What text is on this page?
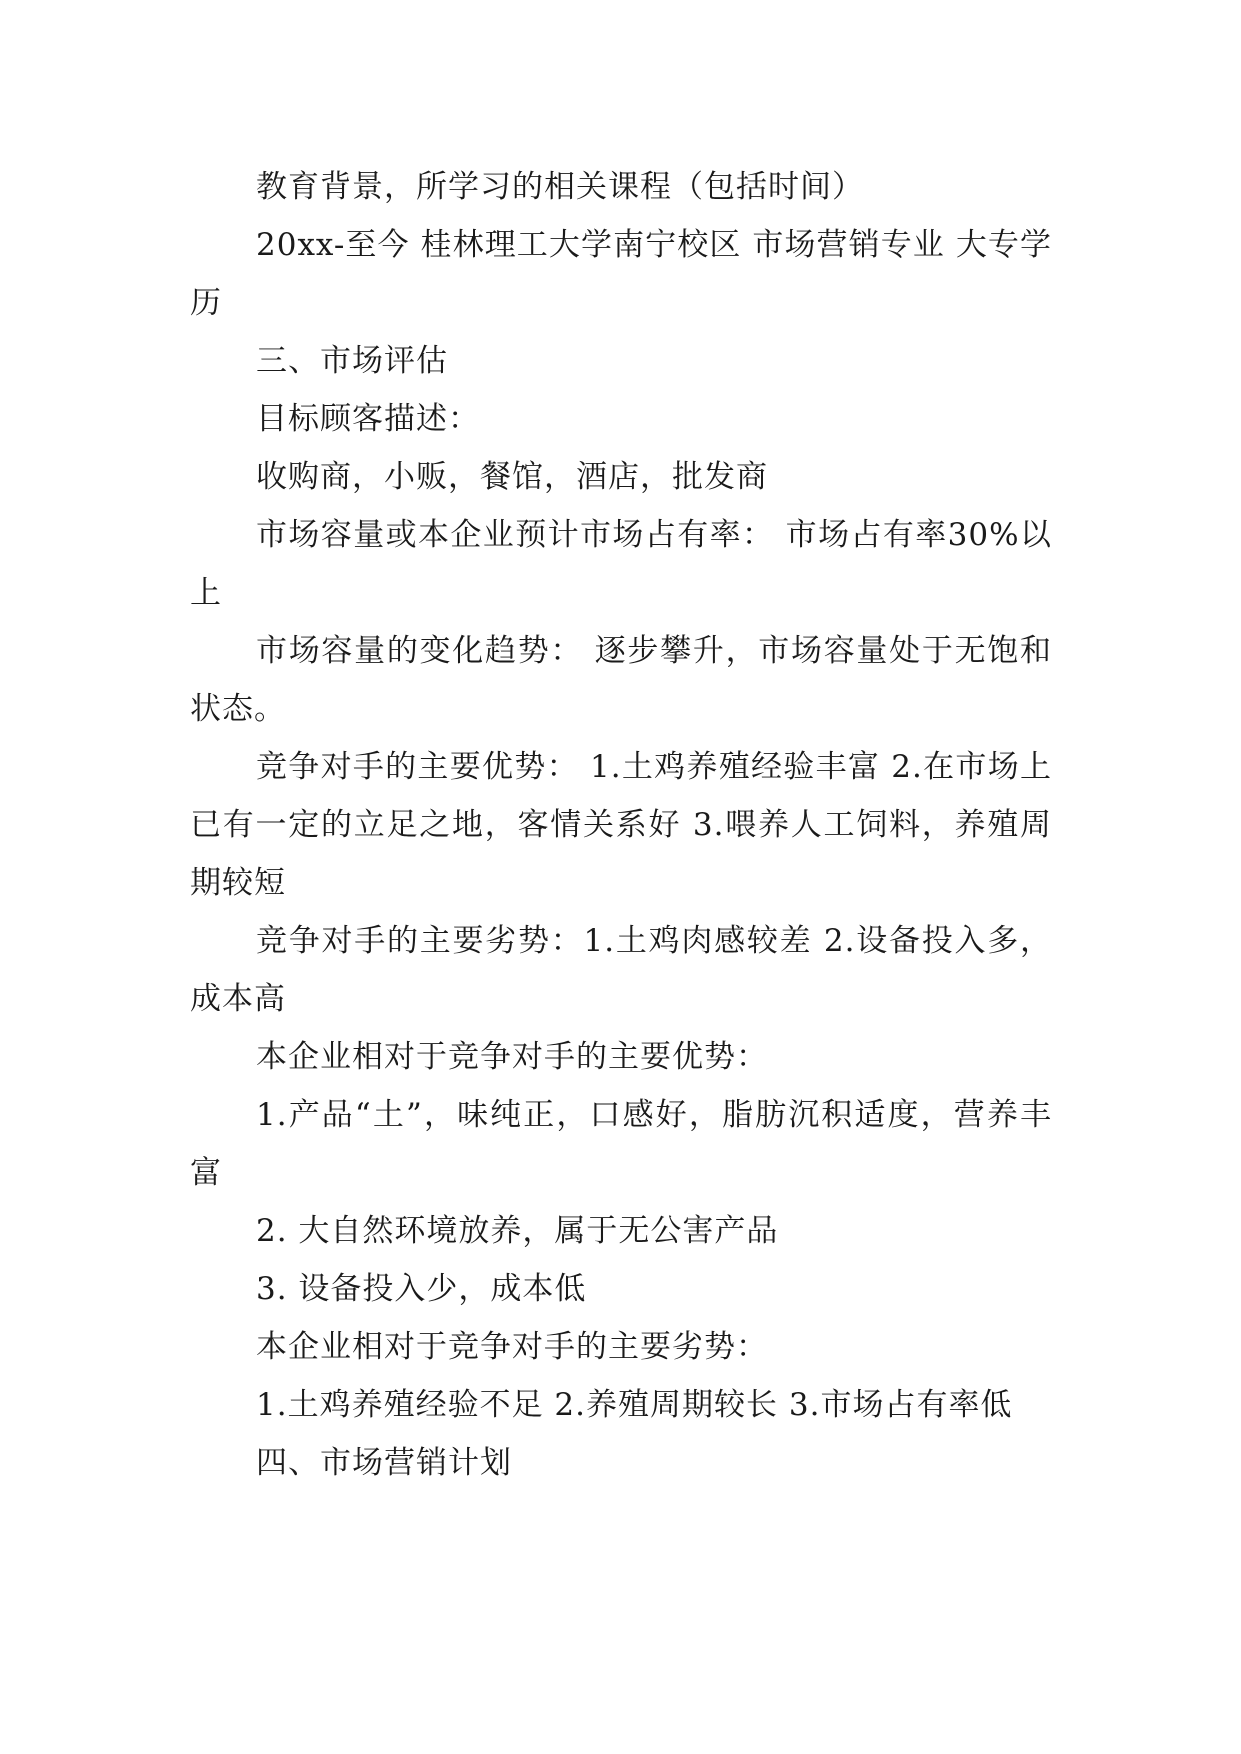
教育背景，所学习的相关课程（包括时间）

20xx-至今 桂林理工大学南宁校区 市场营销专业 大专学历

三、市场评估

目标顾客描述：

收购商，小贩，餐馆，酒店，批发商

市场容量或本企业预计市场占有率： 市场占有率30%以上

市场容量的变化趋势： 逐步攀升，市场容量处于无饱和状态。

竞争对手的主要优势： 1.土鸡养殖经验丰富 2.在市场上已有一定的立足之地，客情关系好 3.喂养人工饲料，养殖周期较短

竞争对手的主要劣势：1.土鸡肉感较差 2.设备投入多，成本高

本企业相对于竞争对手的主要优势：

1.产品“土”，味纯正，口感好，脂肪沉积适度，营养丰富

2. 大自然环境放养，属于无公害产品

3. 设备投入少，成本低

本企业相对于竞争对手的主要劣势：

1.土鸡养殖经验不足 2.养殖周期较长 3.市场占有率低

四、市场营销计划
